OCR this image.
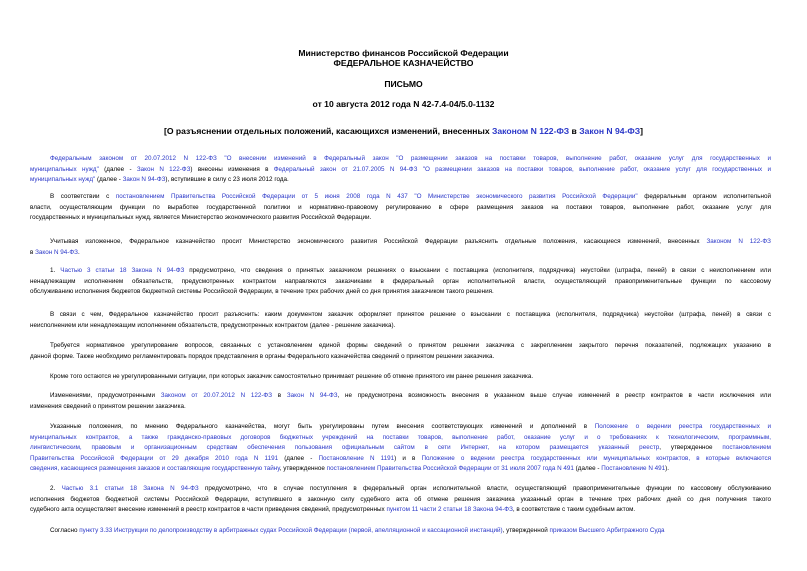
Министерство финансов Российской Федерации
ФЕДЕРАЛЬНОЕ КАЗНАЧЕЙСТВО
ПИСЬМО
от 10 августа 2012 года N 42-7.4-04/5.0-1132
[О разъяснении отдельных положений, касающихся изменений, внесенных Законом N 122-ФЗ в Закон N 94-ФЗ]
Федеральным законом от 20.07.2012 N 122-ФЗ "О внесении изменений в Федеральный закон "О размещении заказов на поставки товаров, выполнение работ, оказание услуг для государственных и
муниципальных нужд" (далее - Закон N 122-ФЗ) внесены изменения в Федеральный закон от 21.07.2005 N 94-ФЗ "О размещении заказов на поставки товаров, выполнение работ, оказание услуг для государственных и
муниципальных нужд" (далее - Закон N 94-ФЗ), вступившие в силу с 23 июля 2012 года.
В соответствии с постановлением Правительства Российской Федерации от 5 июня 2008 года N 437 "О Министерстве экономического развития Российской Федерации" федеральным органом исполнительной
власти, осуществляющим функции по выработке государственной политики и нормативно-правовому регулированию в сфере размещения заказов на поставки товаров, выполнение работ, оказание услуг для
государственных и муниципальных нужд, является Министерство экономического развития Российской Федерации.
Учитывая изложенное, Федеральное казначейство просит Министерство экономического развития Российской Федерации разъяснить отдельные положения, касающиеся изменений, внесенных Законом N 122-ФЗ
в Закон N 94-ФЗ.
1. Частью 3 статьи 18 Закона N 94-ФЗ предусмотрено, что сведения о принятых заказчиком решениях о взыскании с поставщика (исполнителя, подрядчика) неустойки (штрафа, пеней) в связи с неисполнением или
ненадлежащим исполнением обязательств, предусмотренных контрактом направляются заказчиками в федеральный орган исполнительной власти, осуществляющий правоприменительные функции по кассовому
обслуживанию исполнения бюджетов бюджетной системы Российской Федерации, в течение трех рабочих дней со дня принятия заказчиком такого решения.
В связи с чем, Федеральное казначейство просит разъяснить: каким документом заказчик оформляет принятое решение о взыскании с поставщика (исполнителя, подрядчика) неустойки (штрафа, пеней) в связи с
неисполнением или ненадлежащим исполнением обязательств, предусмотренных контрактом (далее - решение заказчика).
Требуется нормативное урегулирование вопросов, связанных с установлением единой формы сведений о принятом решении заказчика с закреплением закрытого перечня показателей, подлежащих указанию в
данной форме. Также необходимо регламентировать порядок представления в органы Федерального казначейства сведений о принятом решении заказчика.
Кроме того остаются не урегулированными ситуации, при которых заказчик самостоятельно принимает решение об отмене принятого им ранее решения заказчика.
Изменениями, предусмотренными Законом от 20.07.2012 N 122-ФЗ в Закон N 94-ФЗ, не предусмотрена возможность внесения в указанном выше случае изменений в реестр контрактов в части исключения или
изменения сведений о принятом решении заказчика.
Указанные положения, по мнению Федерального казначейства, могут быть урегулированы путем внесения соответствующих изменений и дополнений в Положение о ведении реестра государственных и
муниципальных контрактов, а также гражданско-правовых договоров бюджетных учреждений на поставки товаров, выполнение работ, оказание услуг и о требованиях к технологическим, программным,
лингвистическим, правовым и организационным средствам обеспечения пользования официальным сайтом в сети Интернет, на котором размещается указанный реестр, утвержденное постановлением
Правительства Российской Федерации от 29 декабря 2010 года N 1191 (далее - Постановление N 1191) и в Положение о ведении реестра государственных или муниципальных контрактов, в которые включаются
сведения, касающиеся размещения заказов и составляющие государственную тайну, утвержденное постановлением Правительства Российской Федерации от 31 июля 2007 года N 491 (далее - Постановление N 491).
2. Частью 3.1 статьи 18 Закона N 94-ФЗ предусмотрено, что в случае поступления в федеральный орган исполнительной власти, осуществляющий правоприменительные функции по кассовому обслуживанию
исполнения бюджетов бюджетной системы Российской Федерации, вступившего в законную силу судебного акта об отмене решения заказчика указанный орган в течение трех рабочих дней со дня получения такого
судебного акта осуществляет внесение изменений в реестр контрактов в части приведения сведений, предусмотренных пунктом 11 части 2 статьи 18 Закона 94-ФЗ, в соответствие с таким судебным актом.
Согласно пункту 3.33 Инструкции по делопроизводству в арбитражных судах Российской Федерации (первой, апелляционной и кассационной инстанций), утвержденной приказом Высшего Арбитражного Суда
